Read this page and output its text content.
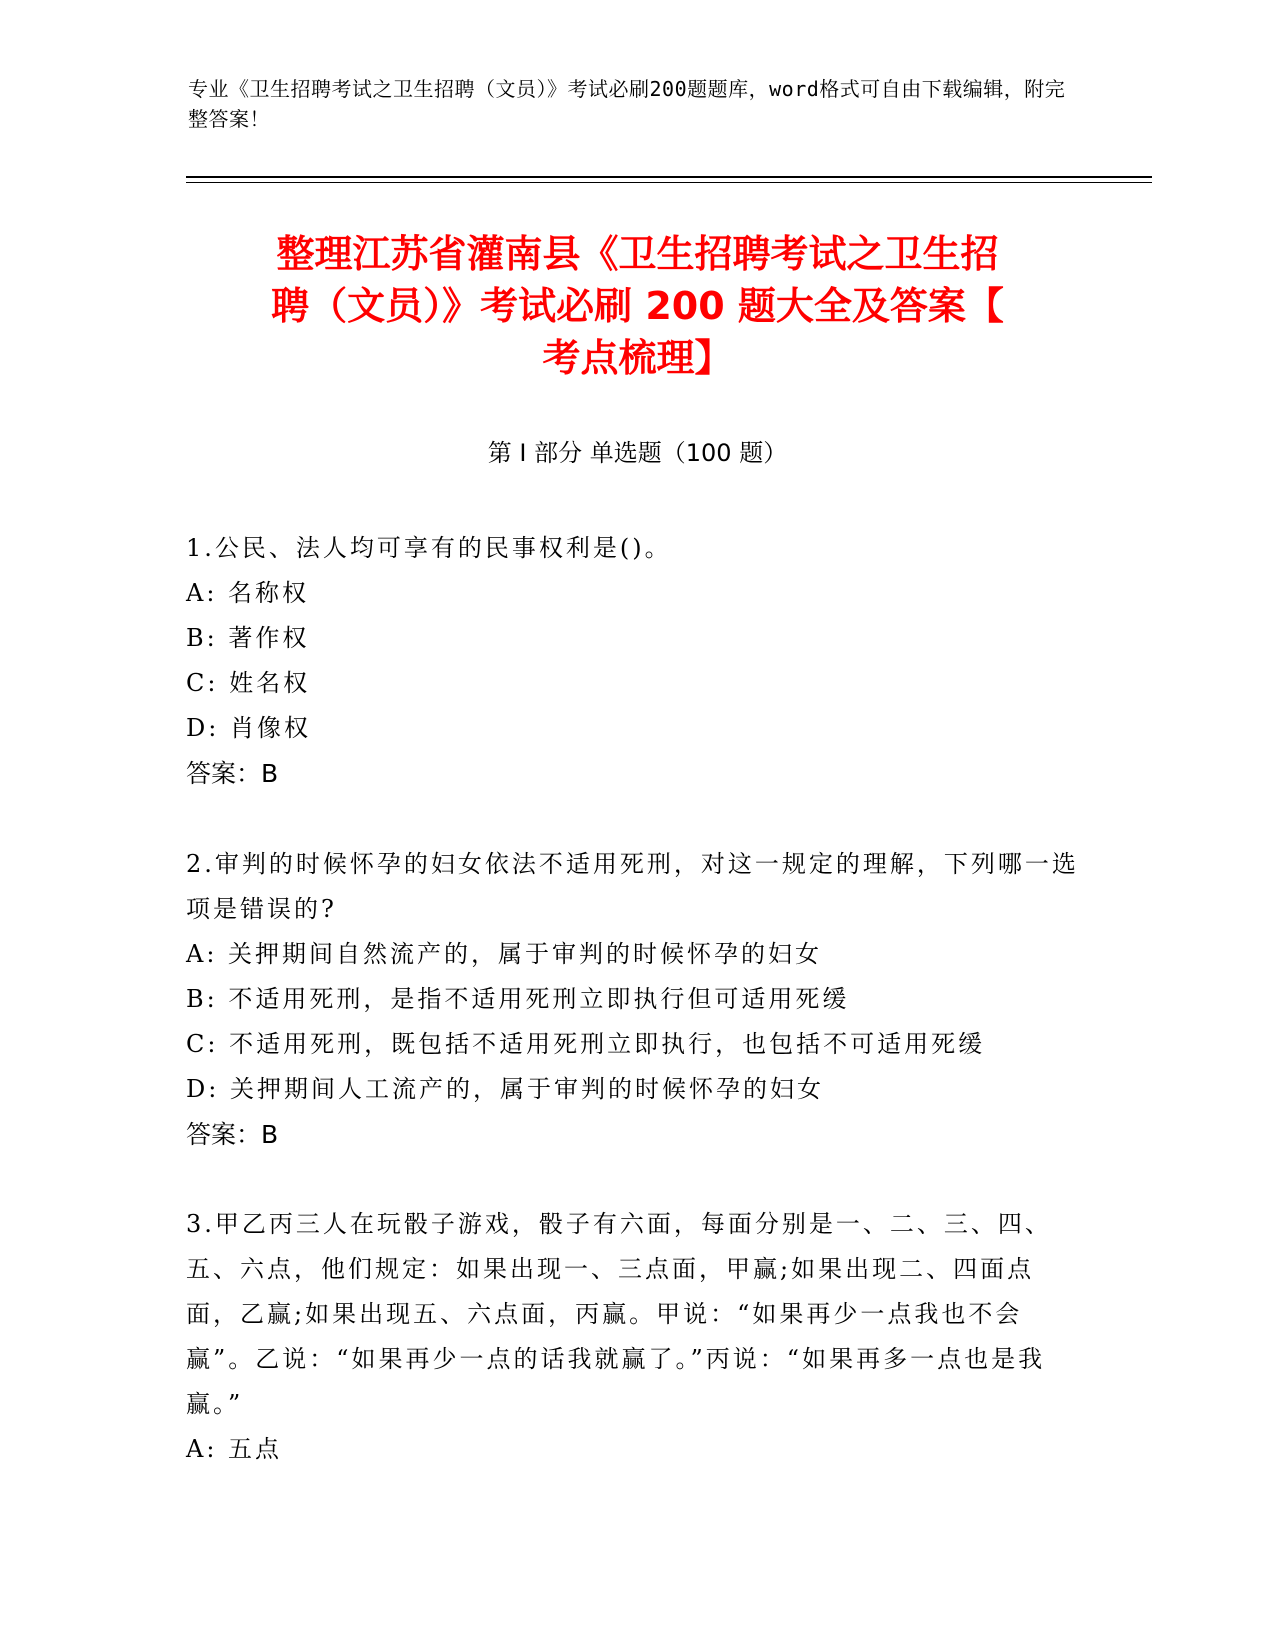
专业《卫生招聘考试之卫生招聘（文员）》考试必刷200题题库，word格式可自由下载编辑，附完整答案！
整理江苏省灌南县《卫生招聘考试之卫生招
聘（文员）》考试必刷 200 题大全及答案【
考点梳理】
第 I 部分 单选题（100 题）

1.公民、法人均可享有的民事权利是()。

A: 名称权

B: 著作权

C: 姓名权

D: 肖像权

答案：B

2.审判的时候怀孕的妇女依法不适用死刑，对这一规定的理解，下列哪一选项是错误的?

A: 关押期间自然流产的，属于审判的时候怀孕的妇女

B: 不适用死刑，是指不适用死刑立即执行但可适用死缓

C: 不适用死刑，既包括不适用死刑立即执行，也包括不可适用死缓

D: 关押期间人工流产的，属于审判的时候怀孕的妇女

答案：B

3.甲乙丙三人在玩骰子游戏，骰子有六面，每面分别是一、二、三、四、五、六点，他们规定：如果出现一、三点面，甲赢;如果出现二、四面点面，乙赢;如果出现五、六点面，丙赢。甲说：“如果再少一点我也不会赢”。乙说：“如果再少一点的话我就赢了。”丙说：“如果再多一点也是我赢。”

A: 五点
